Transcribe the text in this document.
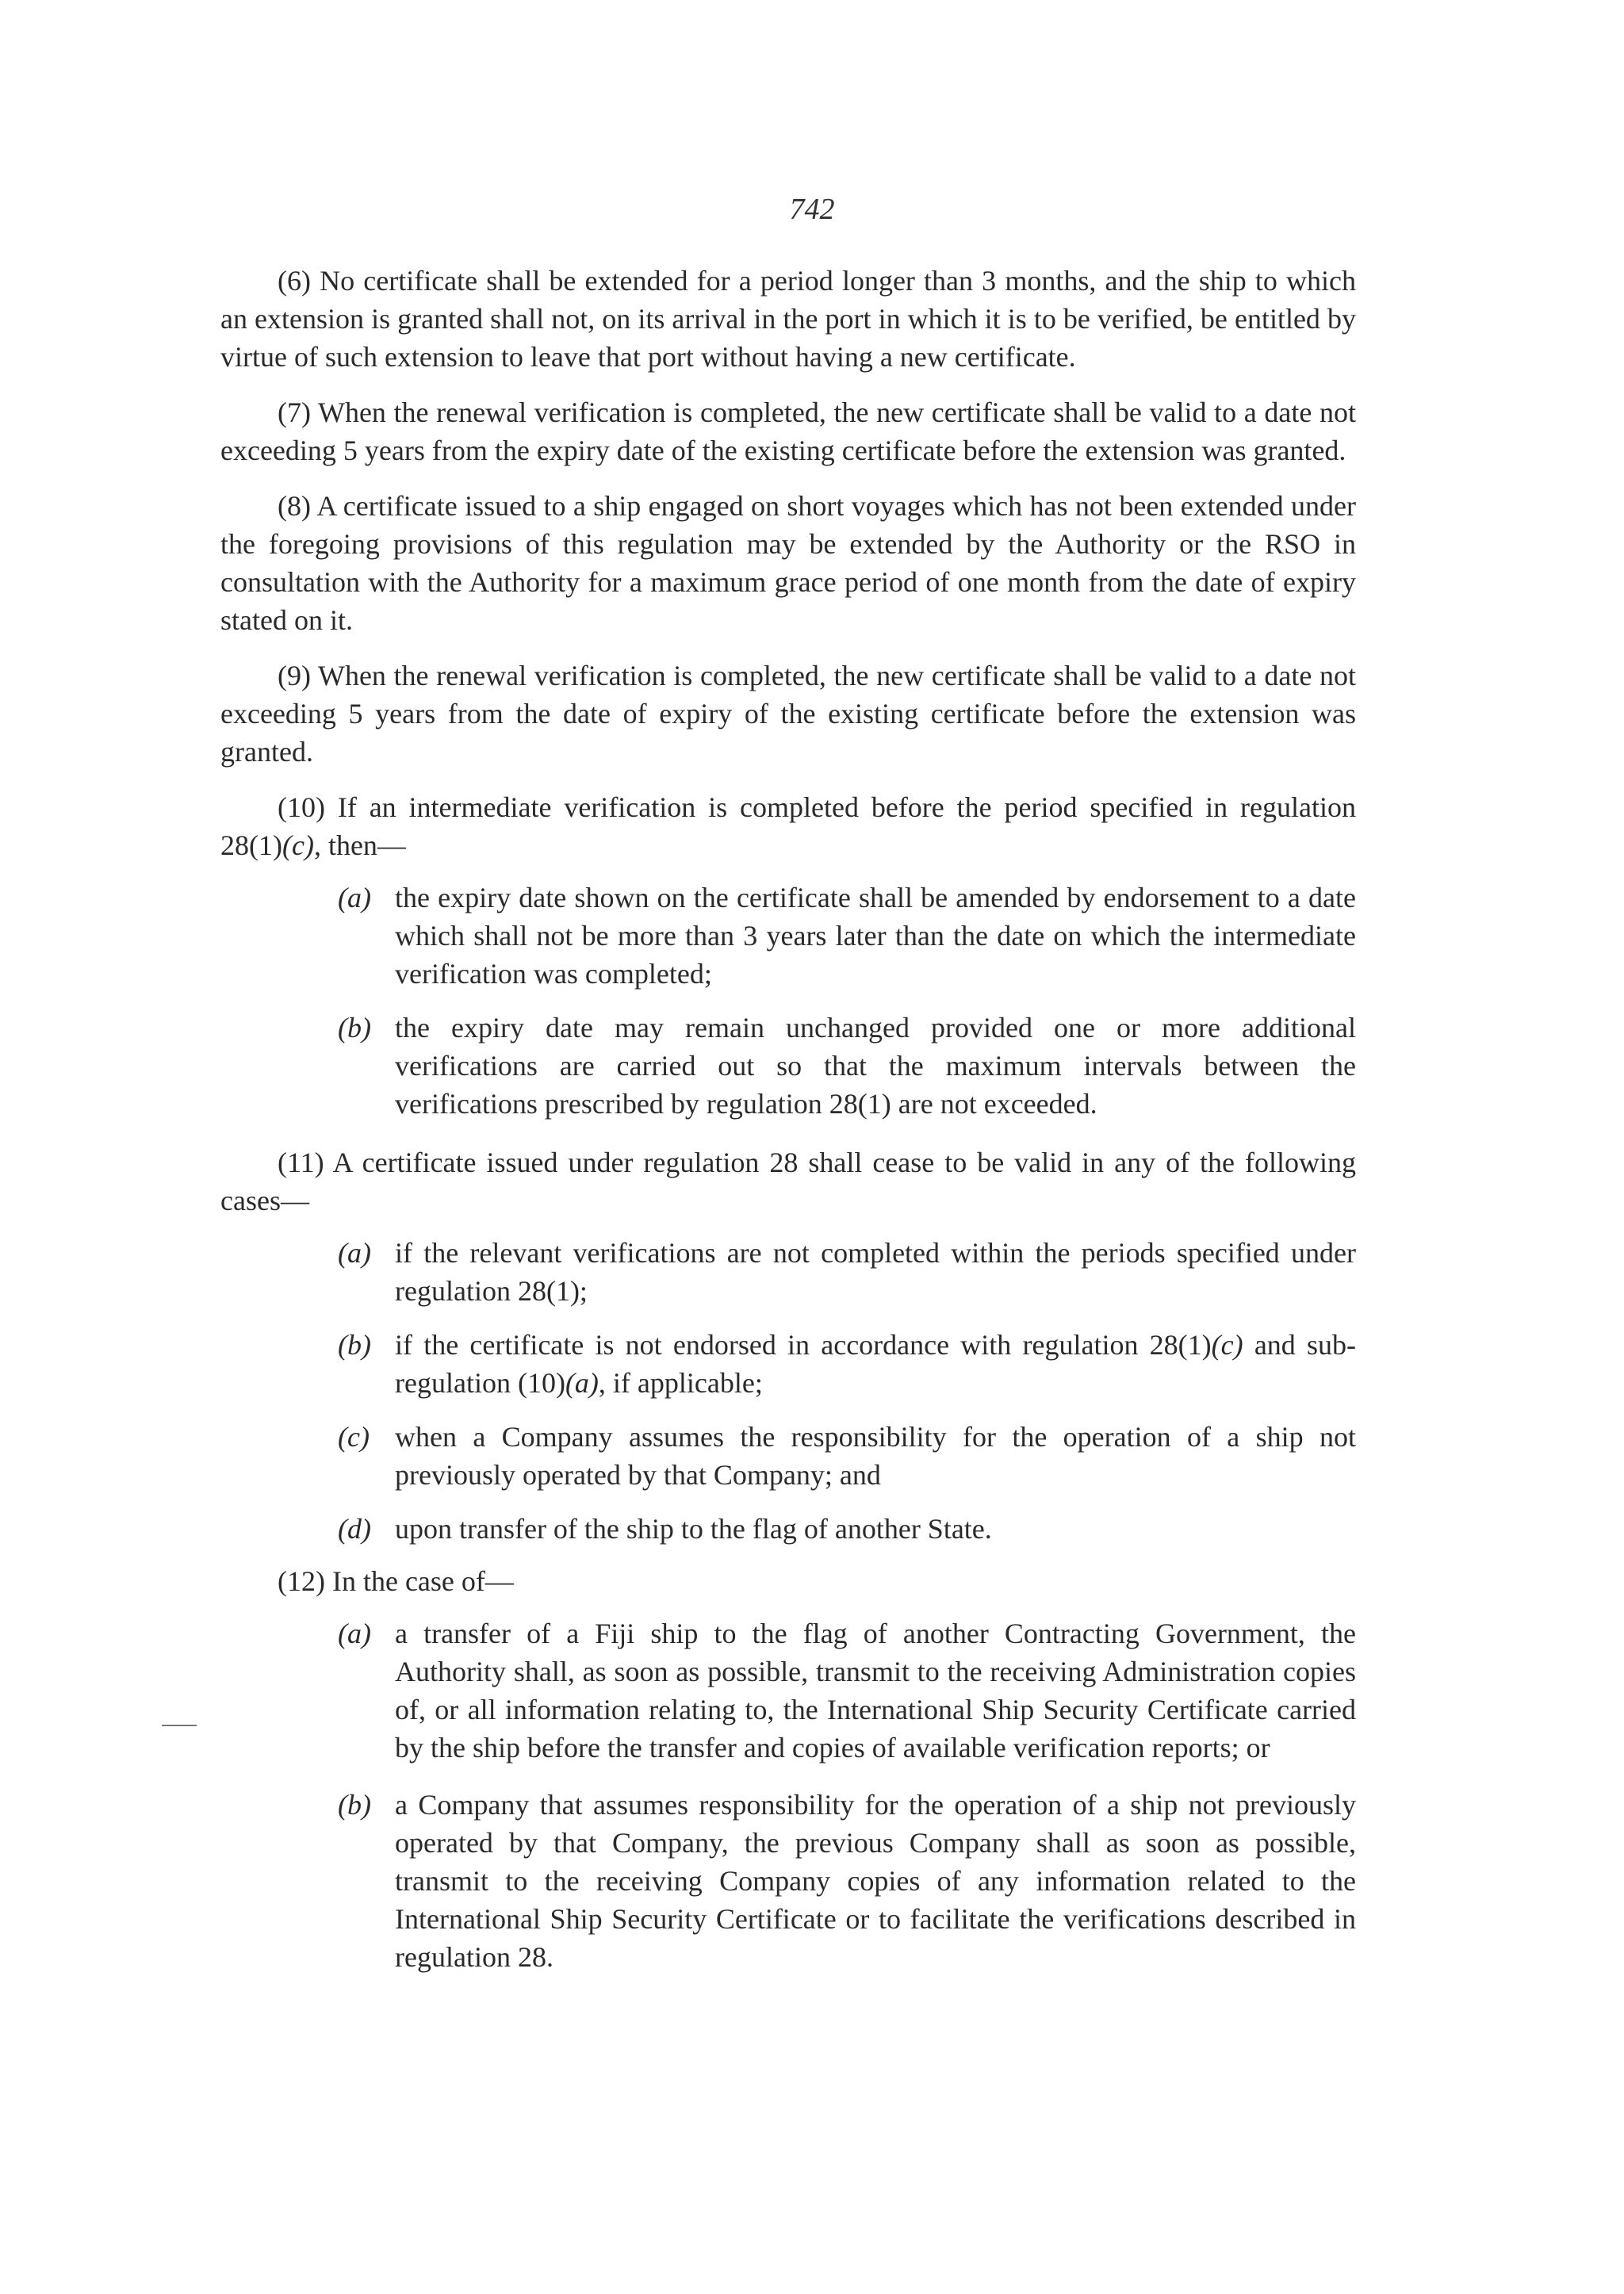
742

(6) No certificate shall be extended for a period longer than 3 months, and the ship to which an extension is granted shall not, on its arrival in the port in which it is to be verified, be entitled by virtue of such extension to leave that port without having a new certificate.

(7) When the renewal verification is completed, the new certificate shall be valid to a date not exceeding 5 years from the expiry date of the existing certificate before the extension was granted.

(8) A certificate issued to a ship engaged on short voyages which has not been extended under the foregoing provisions of this regulation may be extended by the Authority or the RSO in consultation with the Authority for a maximum grace period of one month from the date of expiry stated on it.

(9) When the renewal verification is completed, the new certificate shall be valid to a date not exceeding 5 years from the date of expiry of the existing certificate before the extension was granted.

(10) If an intermediate verification is completed before the period specified in regulation 28(1)(c), then—

(a) the expiry date shown on the certificate shall be amended by endorsement to a date which shall not be more than 3 years later than the date on which the intermediate verification was completed;
(b) the expiry date may remain unchanged provided one or more additional verifications are carried out so that the maximum intervals between the verifications prescribed by regulation 28(1) are not exceeded.

(11) A certificate issued under regulation 28 shall cease to be valid in any of the following cases—

(a) if the relevant verifications are not completed within the periods specified under regulation 28(1);
(b) if the certificate is not endorsed in accordance with regulation 28(1)(c) and sub-regulation (10)(a), if applicable;
(c) when a Company assumes the responsibility for the operation of a ship not previously operated by that Company; and
(d) upon transfer of the ship to the flag of another State.

(12) In the case of—

(a) a transfer of a Fiji ship to the flag of another Contracting Government, the Authority shall, as soon as possible, transmit to the receiving Administration copies of, or all information relating to, the International Ship Security Certificate carried by the ship before the transfer and copies of available verification reports; or
(b) a Company that assumes responsibility for the operation of a ship not previously operated by that Company, the previous Company shall as soon as possible, transmit to the receiving Company copies of any information related to the International Ship Security Certificate or to facilitate the verifications described in regulation 28.
